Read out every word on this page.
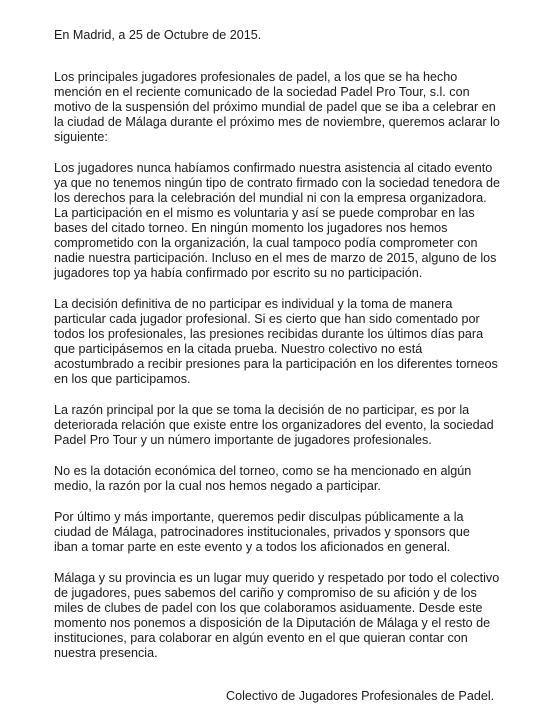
En Madrid, a 25 de Octubre de 2015.

Los principales jugadores profesionales de padel, a los que se ha hecho
mención en el reciente comunicado de la sociedad Padel Pro Tour, s.l. con
motivo de la suspensión del próximo mundial de padel que se iba a celebrar en
la ciudad de Málaga durante el próximo mes de noviembre, queremos aclarar lo
siguiente:

Los jugadores nunca habíamos confirmado nuestra asistencia al citado evento
ya que no tenemos ningún tipo de contrato firmado con la sociedad tenedora de
los derechos para la celebración del mundial ni con la empresa organizadora.
La participación en el mismo es voluntaria y así se puede comprobar en las
bases del citado torneo. En ningún momento los jugadores nos hemos
comprometido con la organización, la cual tampoco podía comprometer con
nadie nuestra participación. Incluso en el mes de marzo de 2015, alguno de los
jugadores top ya había confirmado por escrito su no participación.

La decisión definitiva de no participar es individual y la toma de manera
particular cada jugador profesional. Si es cierto que han sido comentado por
todos los profesionales, las presiones recibidas durante los últimos días para
que participásemos en la citada prueba. Nuestro colectivo no está
acostumbrado a recibir presiones para la participación en los diferentes torneos
en los que participamos.

La razón principal por la que se toma la decisión de no participar, es por la
deteriorada relación que existe entre los organizadores del evento, la sociedad
Padel Pro Tour y un número importante de jugadores profesionales.

No es la dotación económica del torneo, como se ha mencionado en algún
medio, la razón por la cual nos hemos negado a participar.

Por último y más importante, queremos pedir disculpas públicamente a la
ciudad de Málaga, patrocinadores institucionales, privados y sponsors que
iban a tomar parte en este evento y a todos los aficionados en general.

Málaga y su provincia es un lugar muy querido y respetado por todo el colectivo
de jugadores, pues sabemos del cariño y compromiso de su afición y de los
miles de clubes de padel con los que colaboramos asiduamente. Desde este
momento nos ponemos a disposición de la Diputación de Málaga y el resto de
instituciones, para colaborar en algún evento en el que quieran contar con
nuestra presencia.

Colectivo de Jugadores Profesionales de Padel.
